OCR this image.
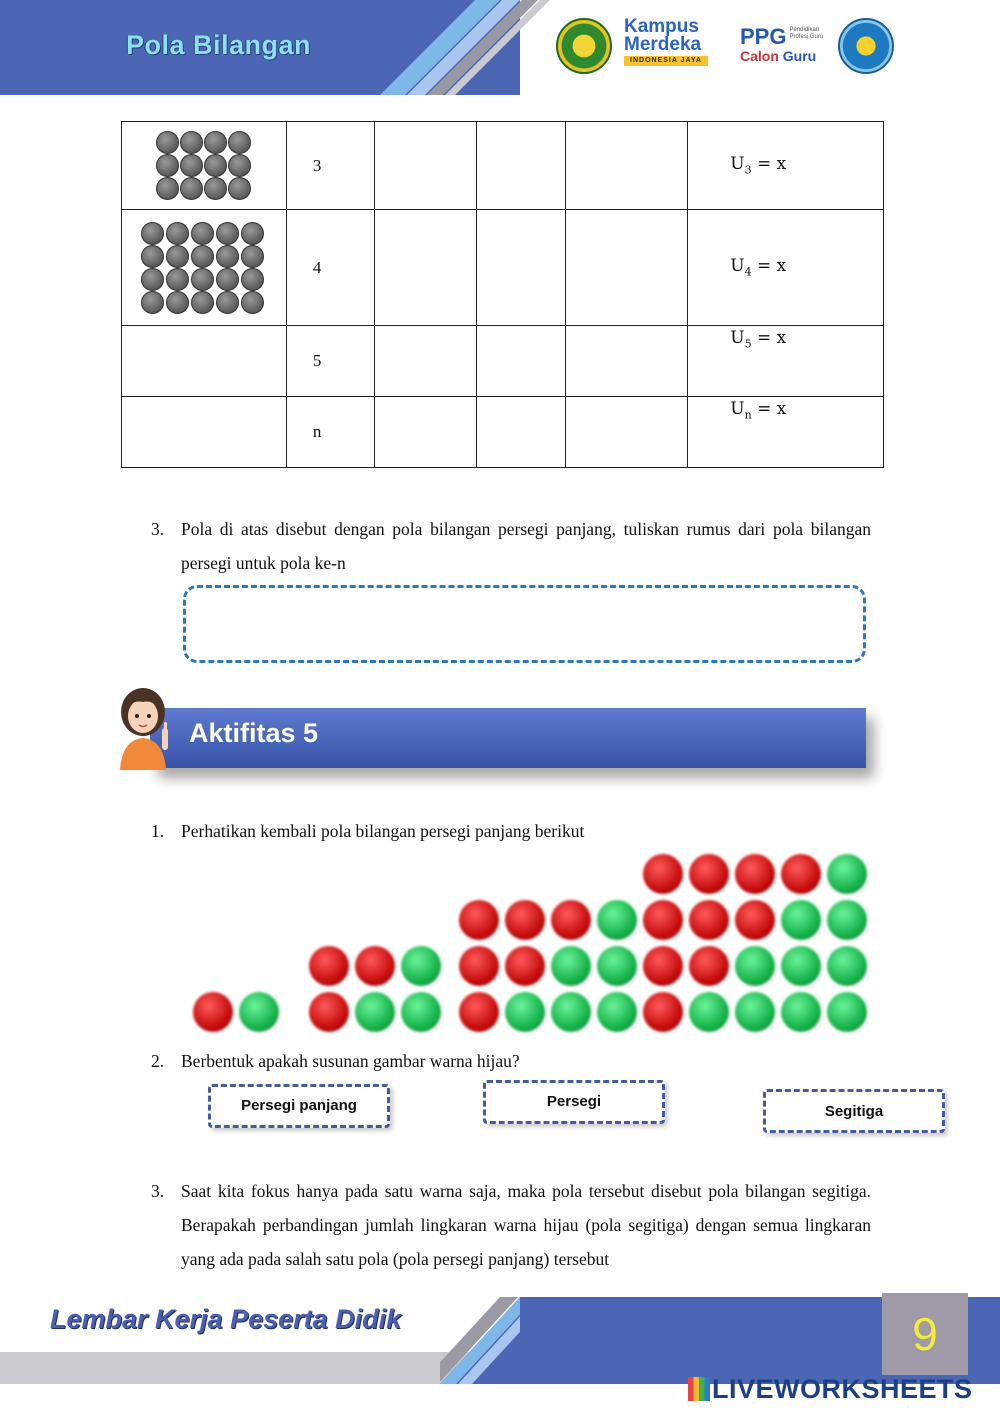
Pola Bilangan
Kampus Merdeka
INDONESIA JAYA
PPG Pendidikan Profesi Guru
Calon Guru
	3				$U_3 = x$

	4				$U_4 = x$
	5				$U_5 = x$
	n				$U_n = x$
3. Pola di atas disebut dengan pola bilangan persegi panjang, tuliskan rumus dari pola bilangan persegi untuk pola ke-n
Aktifitas 5
1. Perhatikan kembali pola bilangan persegi panjang berikut
2. Berbentuk apakah susunan gambar warna hijau?
Persegi panjang	Persegi
Segitiga
3. Saat kita fokus hanya pada satu warna saja, maka pola tersebut disebut pola bilangan segitiga. Berapakah perbandingan jumlah lingkaran warna hijau (pola segitiga) dengan semua lingkaran yang ada pada salah satu pola (pola persegi panjang) tersebut
Lembar Kerja Peserta Didik	9
LIVEWORKSHEETS
